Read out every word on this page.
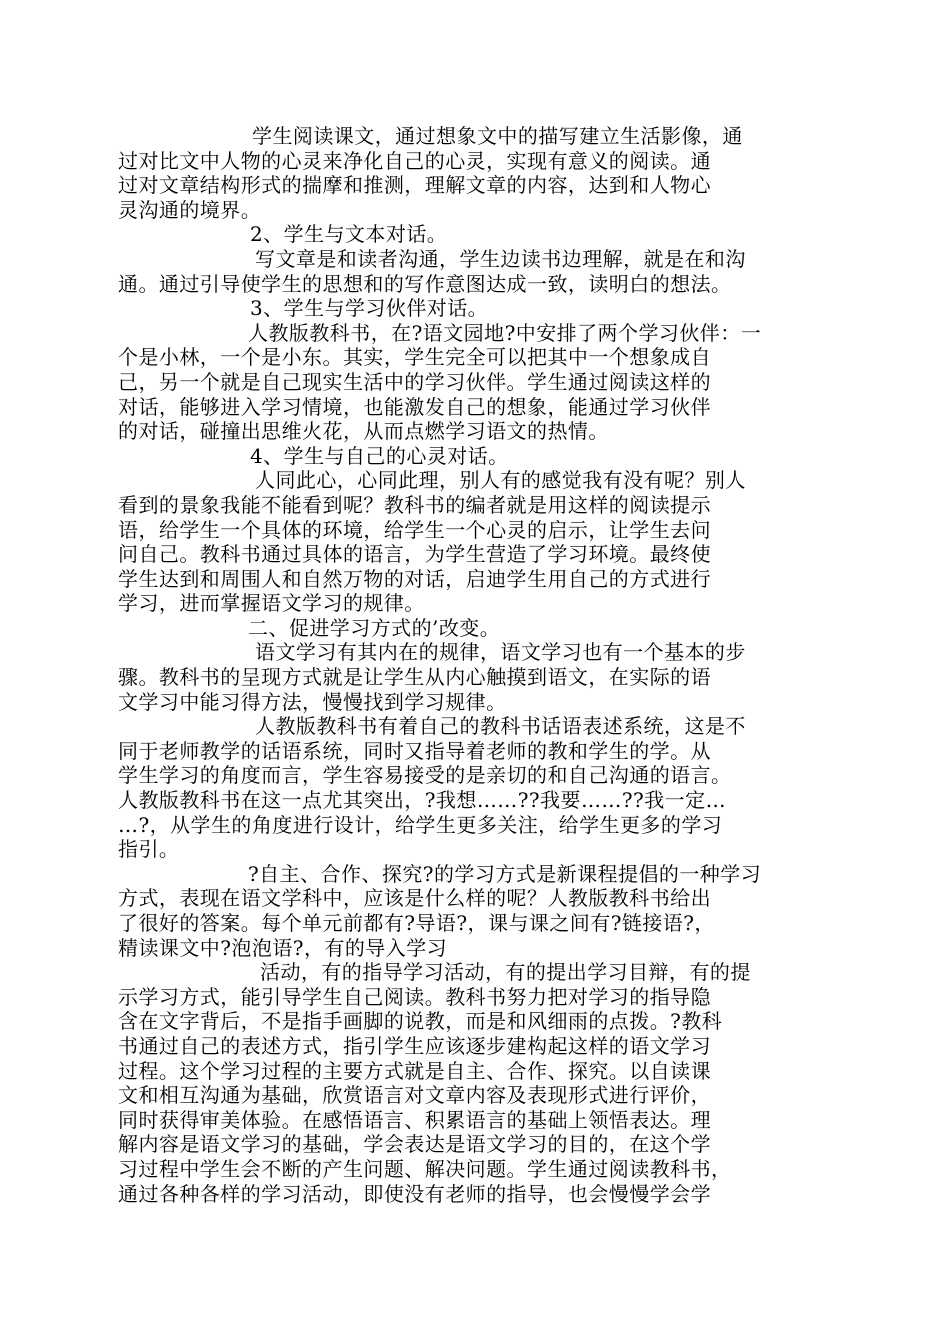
学生阅读课文，通过想象文中的描写建立生活影像，通
过对比文中人物的心灵来净化自己的心灵，实现有意义的阅读。通
过对文章结构形式的揣摩和推测，理解文章的内容，达到和人物心
灵沟通的境界。
2、学生与文本对话。
写文章是和读者沟通，学生边读书边理解，就是在和沟
通。通过引导使学生的思想和的写作意图达成一致，读明白的想法。
3、学生与学习伙伴对话。
人教版教科书，在?语文园地?中安排了两个学习伙伴：一
个是小林，一个是小东。其实，学生完全可以把其中一个想象成自
己，另一个就是自己现实生活中的学习伙伴。学生通过阅读这样的
对话，能够进入学习情境，也能激发自己的想象，能通过学习伙伴
的对话，碰撞出思维火花，从而点燃学习语文的热情。
4、学生与自己的心灵对话。
人同此心，心同此理，别人有的感觉我有没有呢？别人
看到的景象我能不能看到呢？教科书的编者就是用这样的阅读提示
语，给学生一个具体的环境，给学生一个心灵的启示，让学生去问
问自己。教科书通过具体的语言，为学生营造了学习环境。最终使
学生达到和周围人和自然万物的对话，启迪学生用自己的方式进行
学习，进而掌握语文学习的规律。
二、促进学习方式的’改变。
语文学习有其内在的规律，语文学习也有一个基本的步
骤。教科书的呈现方式就是让学生从内心触摸到语文，在实际的语
文学习中能习得方法，慢慢找到学习规律。
人教版教科书有着自己的教科书话语表述系统，这是不
同于老师教学的话语系统，同时又指导着老师的教和学生的学。从
学生学习的角度而言，学生容易接受的是亲切的和自己沟通的语言。
人教版教科书在这一点尤其突出，?我想……??我要……??我一定…
…?，从学生的角度进行设计，给学生更多关注，给学生更多的学习
指引。
?自主、合作、探究?的学习方式是新课程提倡的一种学习
方式，表现在语文学科中，应该是什么样的呢？人教版教科书给出
了很好的答案。每个单元前都有?导语?，课与课之间有?链接语?，
精读课文中?泡泡语?，有的导入学习
活动，有的指导学习活动，有的提出学习目辩，有的提
示学习方式，能引导学生自己阅读。教科书努力把对学习的指导隐
含在文字背后，不是指手画脚的说教，而是和风细雨的点拨。?教科
书通过自己的表述方式，指引学生应该逐步建构起这样的语文学习
过程。这个学习过程的主要方式就是自主、合作、探究。以自读课
文和相互沟通为基础，欣赏语言对文章内容及表现形式进行评价，
同时获得审美体验。在感悟语言、积累语言的基础上领悟表达。理
解内容是语文学习的基础，学会表达是语文学习的目的，在这个学
习过程中学生会不断的产生问题、解决问题。学生通过阅读教科书，
通过各种各样的学习活动，即使没有老师的指导，也会慢慢学会学
